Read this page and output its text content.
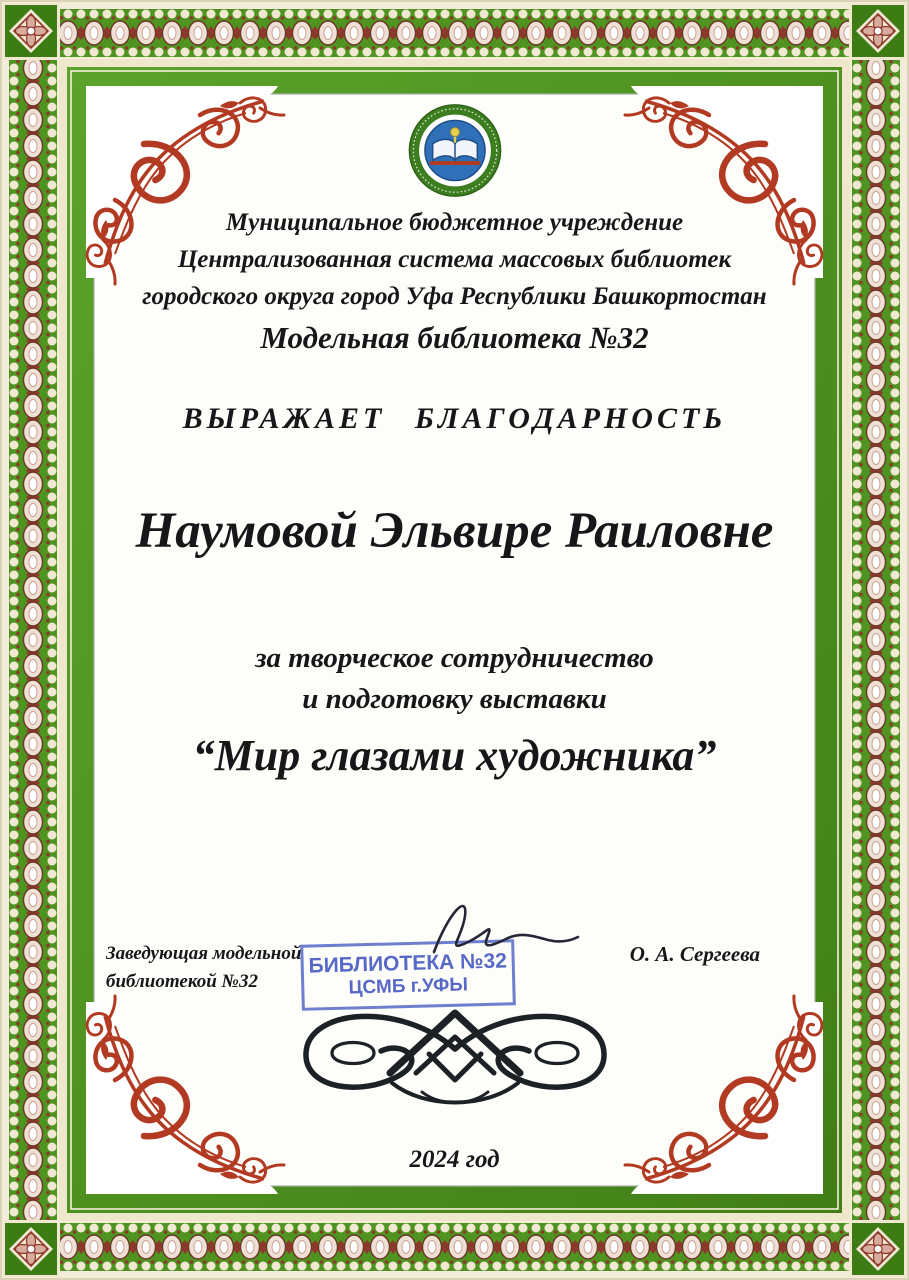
Муниципальное бюджетное учреждение
Централизованная система массовых библиотек
городского округа город Уфа Республики Башкортостан
Модельная библиотека №32
ВЫРАЖАЕТ БЛАГОДАРНОСТЬ
Наумовой Эльвире Раиловне
за творческое сотрудничество
и подготовку выставки
“Мир глазами художника”
Заведующая модельной
библиотекой №32
БИБЛИОТЕКА №32
ЦСМБ г.УФЫ
О. А. Сергеева
2024 год
